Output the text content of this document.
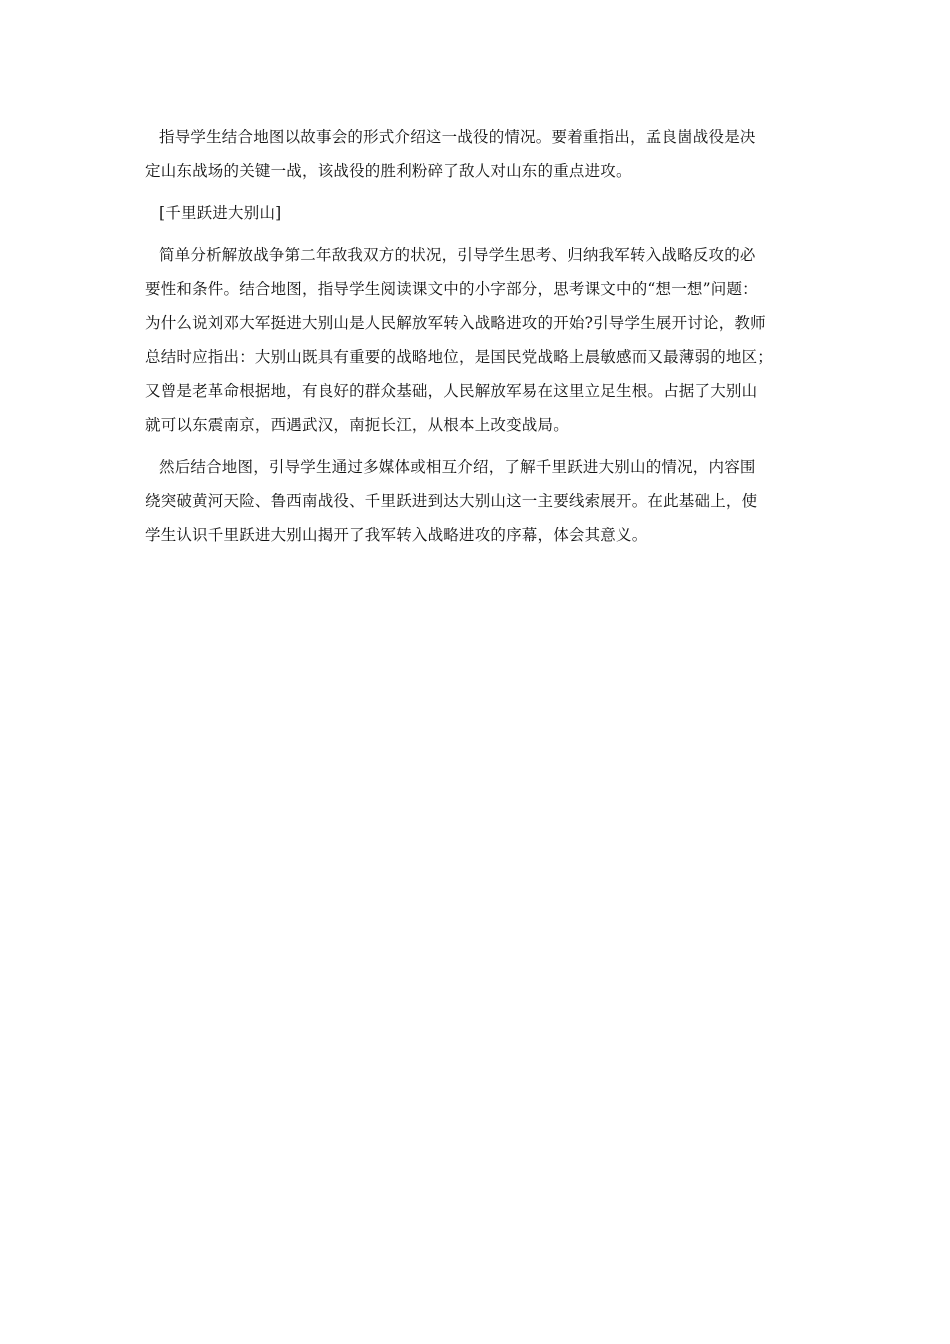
指导学生结合地图以故事会的形式介绍这一战役的情况。要着重指出，孟良崮战役是决
定山东战场的关键一战，该战役的胜利粉碎了敌人对山东的重点进攻。
[千里跃进大别山]
简单分析解放战争第二年敌我双方的状况，引导学生思考、归纳我军转入战略反攻的必
要性和条件。结合地图，指导学生阅读课文中的小字部分，思考课文中的“想一想”问题：
为什么说刘邓大军挺进大别山是人民解放军转入战略进攻的开始?引导学生展开讨论，教师
总结时应指出：大别山既具有重要的战略地位，是国民党战略上晨敏感而又最薄弱的地区；
又曾是老革命根据地，有良好的群众基础，人民解放军易在这里立足生根。占据了大别山
就可以东震南京，西遇武汉，南扼长江，从根本上改变战局。
然后结合地图，引导学生通过多媒体或相互介绍，了解千里跃进大别山的情况，内容围
绕突破黄河天险、鲁西南战役、千里跃进到达大别山这一主要线索展开。在此基础上，使
学生认识千里跃进大别山揭开了我军转入战略进攻的序幕，体会其意义。
